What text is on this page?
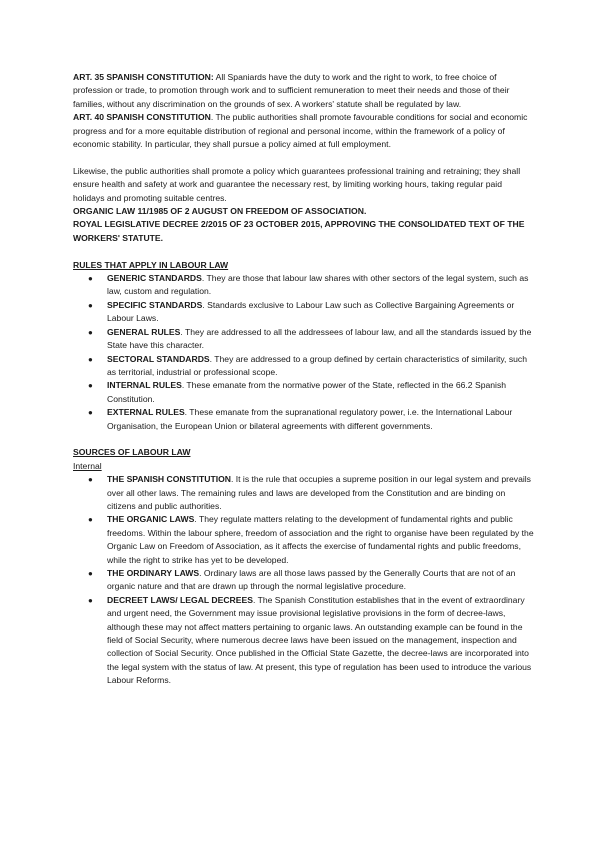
ART. 35 SPANISH CONSTITUTION: All Spaniards have the duty to work and the right to work, to free choice of profession or trade, to promotion through work and to sufficient remuneration to meet their needs and those of their families, without any discrimination on the grounds of sex. A workers' statute shall be regulated by law.

ART. 40 SPANISH CONSTITUTION. The public authorities shall promote favourable conditions for social and economic progress and for a more equitable distribution of regional and personal income, within the framework of a policy of economic stability. In particular, they shall pursue a policy aimed at full employment.

Likewise, the public authorities shall promote a policy which guarantees professional training and retraining; they shall ensure health and safety at work and guarantee the necessary rest, by limiting working hours, taking regular paid holidays and promoting suitable centres.

ORGANIC LAW 11/1985 OF 2 AUGUST ON FREEDOM OF ASSOCIATION.

ROYAL LEGISLATIVE DECREE 2/2015 OF 23 OCTOBER 2015, APPROVING THE CONSOLIDATED TEXT OF THE WORKERS' STATUTE.

RULES THAT APPLY IN LABOUR LAW

●	GENERIC STANDARDS. They are those that labour law shares with other sectors of the legal system, such as law, custom and regulation.
●	SPECIFIC STANDARDS. Standards exclusive to Labour Law such as Collective Bargaining Agreements or Labour Laws.
●	GENERAL RULES. They are addressed to all the addressees of labour law, and all the standards issued by the State have this character.
●	SECTORAL STANDARDS. They are addressed to a group defined by certain characteristics of similarity, such as territorial, industrial or professional scope.
●	INTERNAL RULES. These emanate from the normative power of the State, reflected in the 66.2 Spanish Constitution.
●	EXTERNAL RULES. These emanate from the supranational regulatory power, i.e. the International Labour Organisation, the European Union or bilateral agreements with different governments.

SOURCES OF LABOUR LAW

Internal

●	THE SPANISH CONSTITUTION. It is the rule that occupies a supreme position in our legal system and prevails over all other laws. The remaining rules and laws are developed from the Constitution and are binding on citizens and public authorities.
●	THE ORGANIC LAWS. They regulate matters relating to the development of fundamental rights and public freedoms. Within the labour sphere, freedom of association and the right to organise have been regulated by the Organic Law on Freedom of Association, as it affects the exercise of fundamental rights and public freedoms, while the right to strike has yet to be developed.
●	THE ORDINARY LAWS. Ordinary laws are all those laws passed by the Generally Courts that are not of an organic nature and that are drawn up through the normal legislative procedure.
●	DECREET LAWS/ LEGAL DECREES. The Spanish Constitution establishes that in the event of extraordinary and urgent need, the Government may issue provisional legislative provisions in the form of decree-laws, although these may not affect matters pertaining to organic laws. An outstanding example can be found in the field of Social Security, where numerous decree laws have been issued on the management, inspection and collection of Social Security. Once published in the Official State Gazette, the decree-laws are incorporated into the legal system with the status of law. At present, this type of regulation has been used to introduce the various Labour Reforms.
